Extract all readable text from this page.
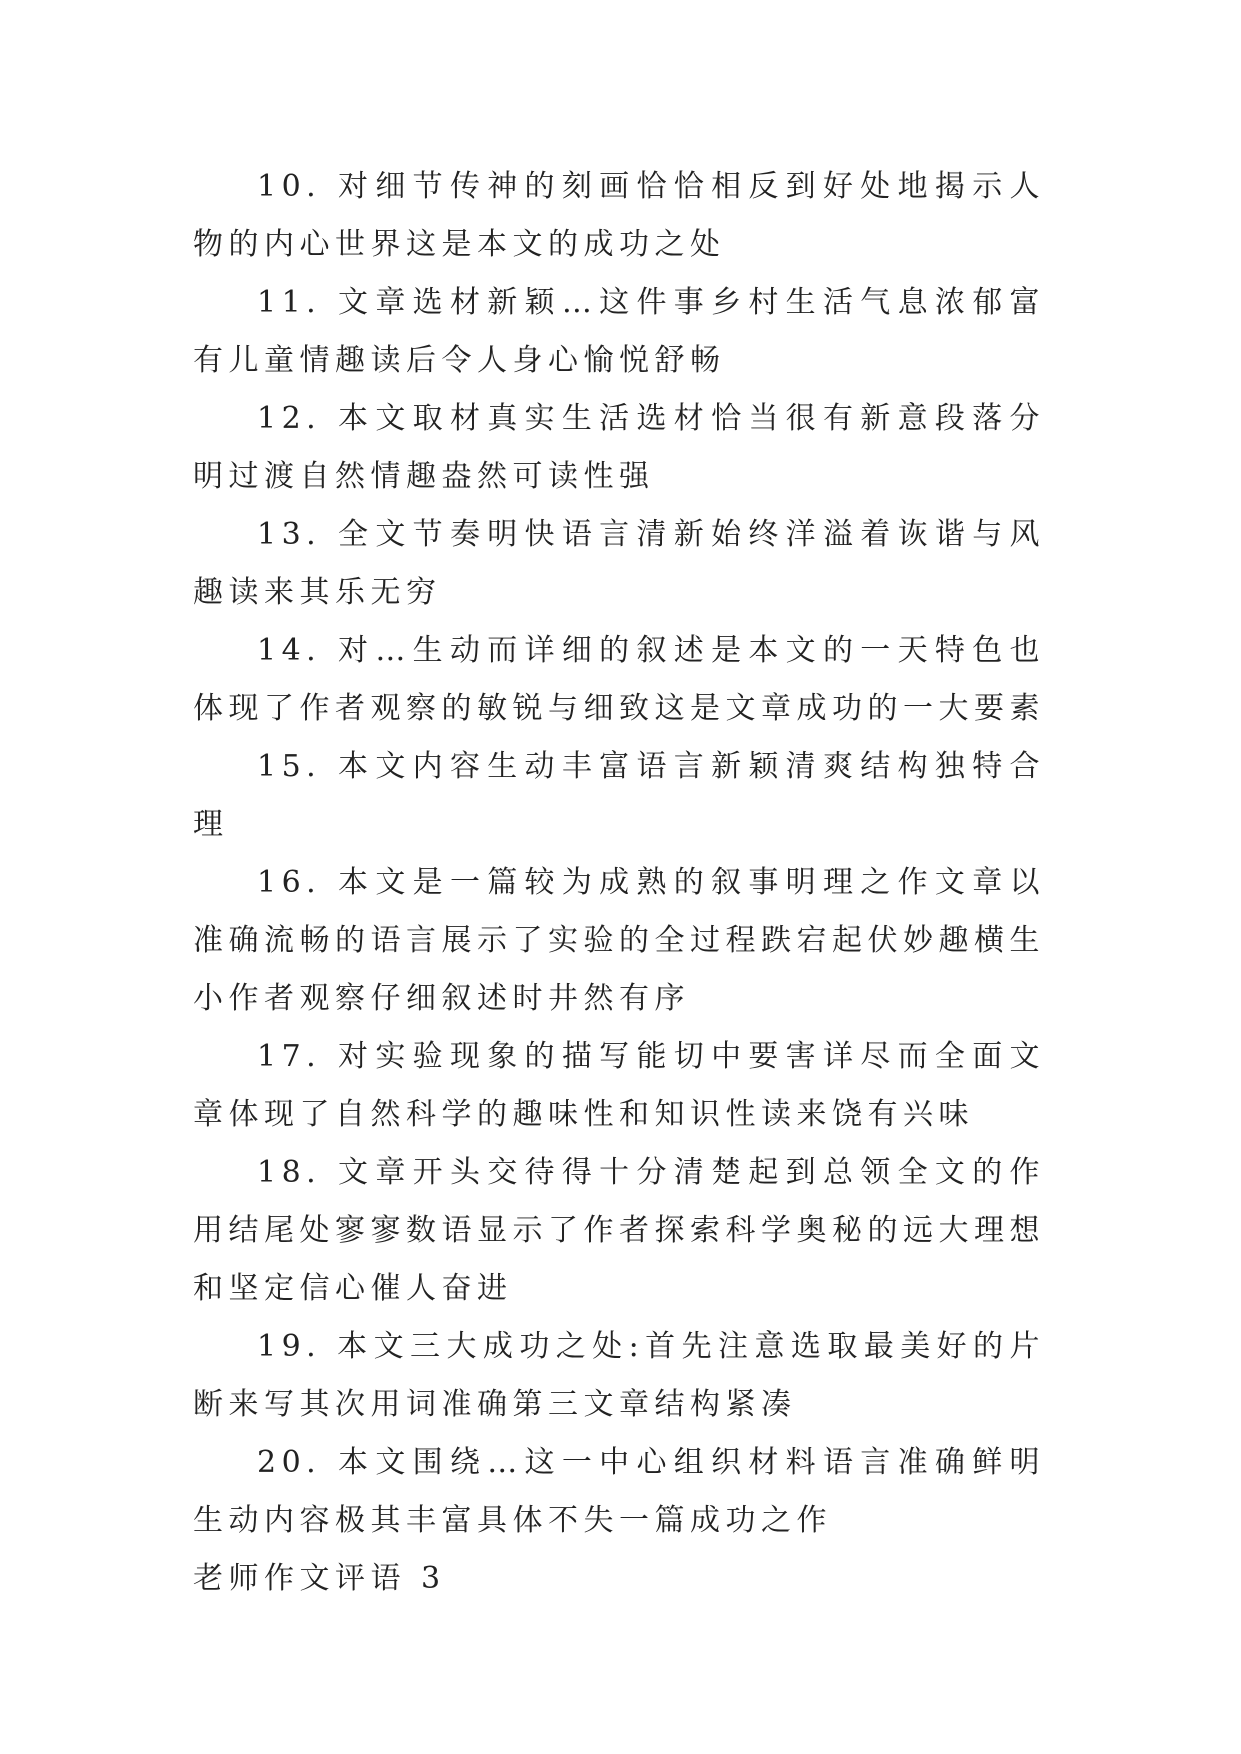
10. 对细节传神的刻画恰恰相反到好处地揭示人物的内心世界这是本文的成功之处

11. 文章选材新颖…这件事乡村生活气息浓郁富有儿童情趣读后令人身心愉悦舒畅

12. 本文取材真实生活选材恰当很有新意段落分明过渡自然情趣盎然可读性强

13. 全文节奏明快语言清新始终洋溢着诙谐与风趣读来其乐无穷

14. 对…生动而详细的叙述是本文的一天特色也体现了作者观察的敏锐与细致这是文章成功的一大要素

15. 本文内容生动丰富语言新颖清爽结构独特合理

16. 本文是一篇较为成熟的叙事明理之作文章以准确流畅的语言展示了实验的全过程跌宕起伏妙趣横生小作者观察仔细叙述时井然有序

17. 对实验现象的描写能切中要害详尽而全面文章体现了自然科学的趣味性和知识性读来饶有兴味

18. 文章开头交待得十分清楚起到总领全文的作用结尾处寥寥数语显示了作者探索科学奥秘的远大理想和坚定信心催人奋进

19. 本文三大成功之处:首先注意选取最美好的片断来写其次用词准确第三文章结构紧凑

20. 本文围绕…这一中心组织材料语言准确鲜明生动内容极其丰富具体不失一篇成功之作

老师作文评语 3
